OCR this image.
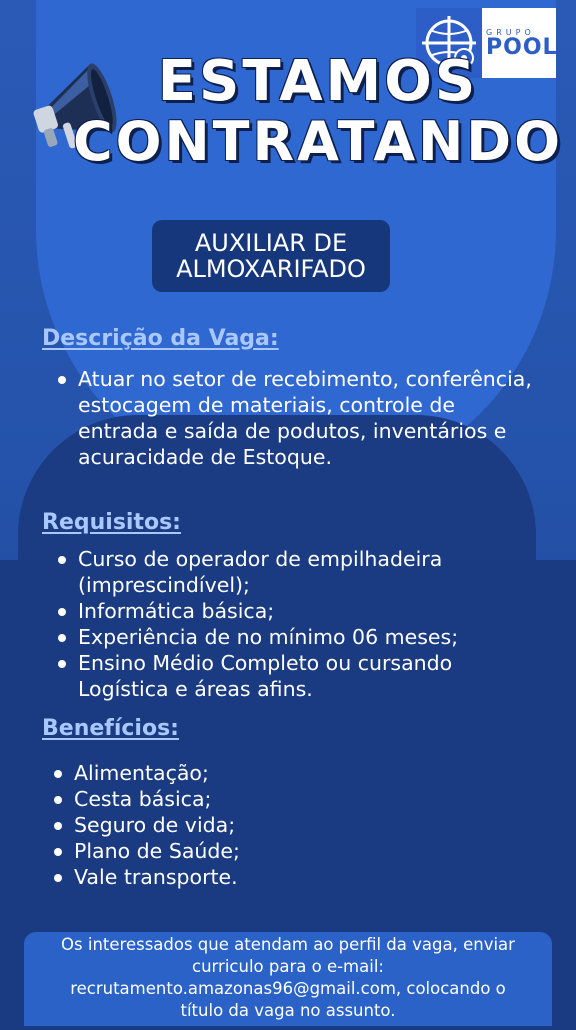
GRUPO
POOL
ESTAMOS
CONTRATANDO
AUXILIAR DE
ALMOXARIFADO
Descrição da Vaga:
Atuar no setor de recebimento, conferência, estocagem de materiais, controle de entrada e saída de podutos, inventários e acuracidade de Estoque.
Requisitos:
Curso de operador de empilhadeira (imprescindível);
Informática básica;
Experiência de no mínimo 06 meses;
Ensino Médio Completo ou cursando Logística e áreas afins.
Benefícios:
Alimentação;
Cesta básica;
Seguro de vida;
Plano de Saúde;
Vale transporte.
Os interessados que atendam ao perfil da vaga, enviar
curriculo para o e-mail:
recrutamento.amazonas96@gmail.com, colocando o
título da vaga no assunto.
